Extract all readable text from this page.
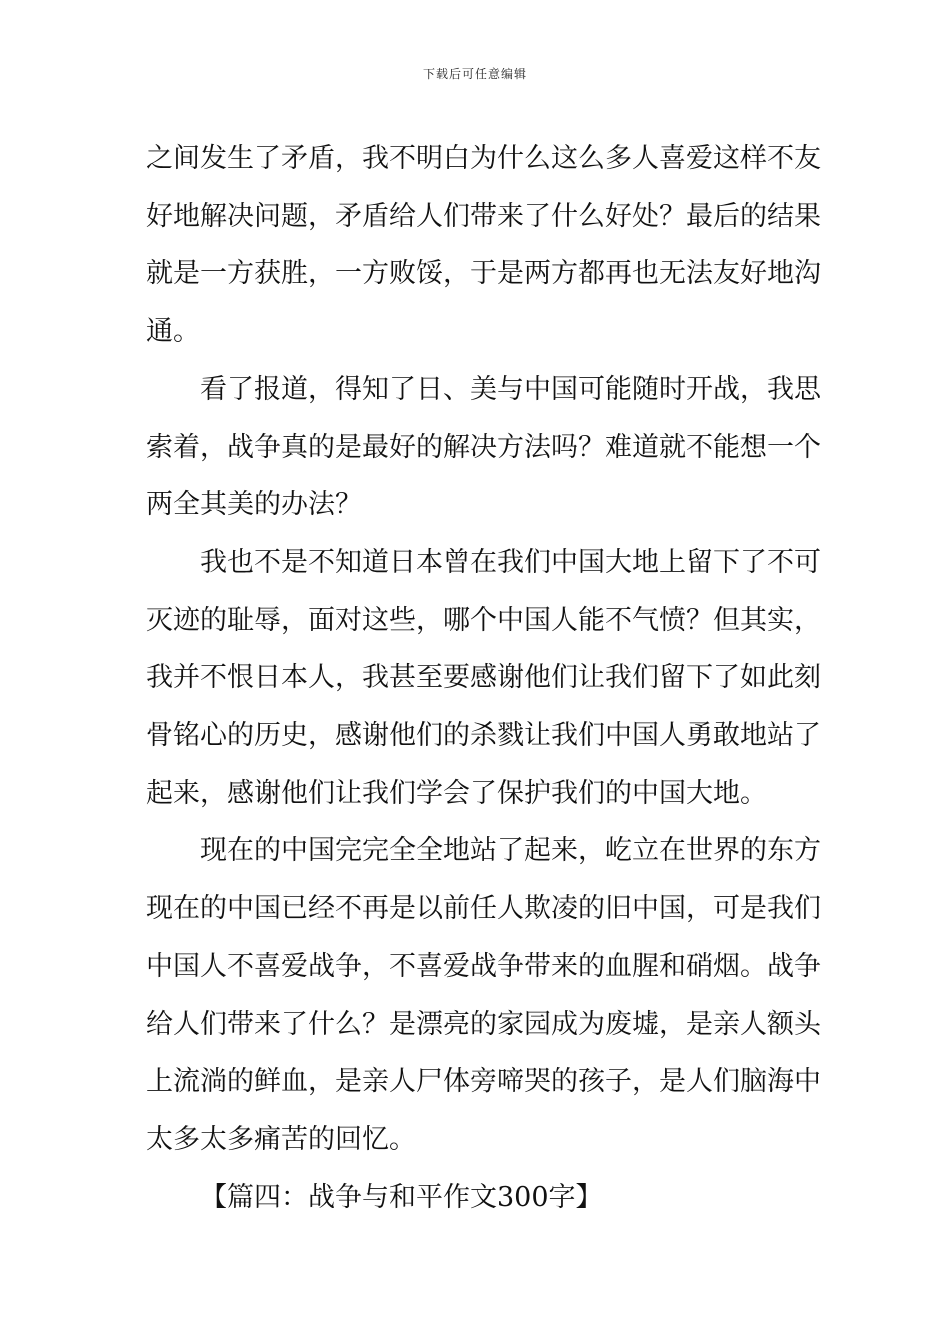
下载后可任意编辑

之间发生了矛盾，我不明白为什么这么多人喜爱这样不友

好地解决问题，矛盾给人们带来了什么好处？最后的结果

就是一方获胜，一方败馁，于是两方都再也无法友好地沟

通。

看了报道，得知了日、美与中国可能随时开战，我思

索着，战争真的是最好的解决方法吗？难道就不能想一个

两全其美的办法？

我也不是不知道日本曾在我们中国大地上留下了不可

灭迹的耻辱，面对这些，哪个中国人能不气愤？但其实，

我并不恨日本人，我甚至要感谢他们让我们留下了如此刻

骨铭心的历史，感谢他们的杀戮让我们中国人勇敢地站了

起来，感谢他们让我们学会了保护我们的中国大地。

现在的中国完完全全地站了起来，屹立在世界的东方

现在的中国已经不再是以前任人欺凌的旧中国，可是我们

中国人不喜爱战争，不喜爱战争带来的血腥和硝烟。战争

给人们带来了什么？是漂亮的家园成为废墟，是亲人额头

上流淌的鲜血，是亲人尸体旁啼哭的孩子，是人们脑海中

太多太多痛苦的回忆。

【篇四：战争与和平作文300字】
